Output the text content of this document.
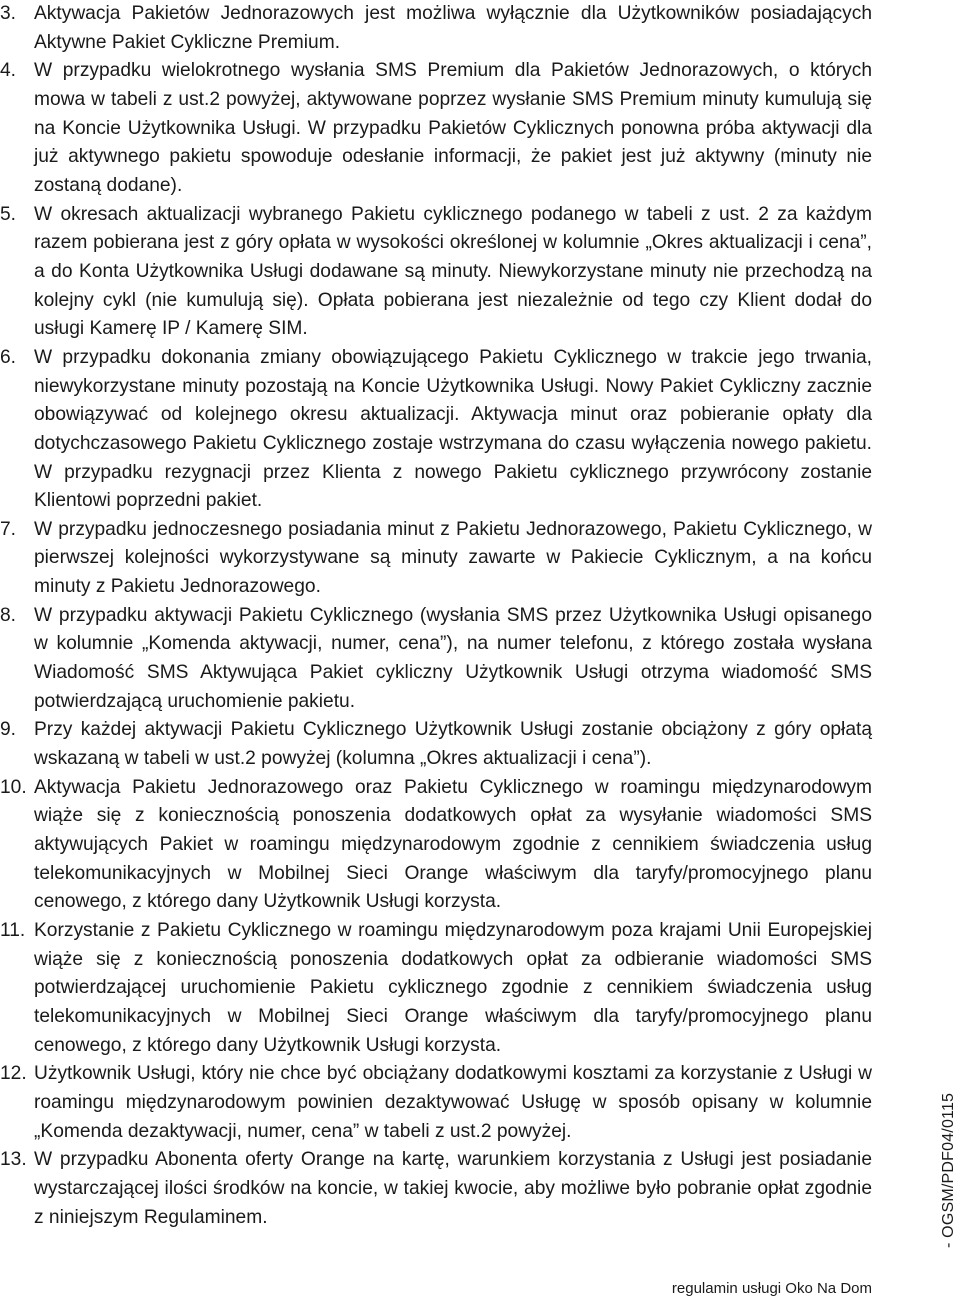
3. Aktywacja Pakietów Jednorazowych jest możliwa wyłącznie dla Użytkowników posiadających Aktywne Pakiet Cykliczne Premium.
4. W przypadku wielokrotnego wysłania SMS Premium dla Pakietów Jednorazowych, o których mowa w tabeli z ust.2 powyżej, aktywowane poprzez wysłanie SMS Premium minuty kumulują się na Koncie Użytkownika Usługi. W przypadku Pakietów Cyklicznych ponowna próba aktywacji dla już aktywnego pakietu spowoduje odesłanie informacji, że pakiet jest już aktywny (minuty nie zostaną dodane).
5. W okresach aktualizacji wybranego Pakietu cyklicznego podanego w tabeli z ust. 2 za każdym razem pobierana jest z góry opłata w wysokości określonej w kolumnie „Okres aktualizacji i cena”, a do Konta Użytkownika Usługi dodawane są minuty. Niewykorzystane minuty nie przechodzą na kolejny cykl (nie kumulują się). Opłata pobierana jest niezależnie od tego czy Klient dodał do usługi Kamerę IP / Kamerę SIM.
6. W przypadku dokonania zmiany obowiązującego Pakietu Cyklicznego w trakcie jego trwania, niewykorzystane minuty pozostają na Koncie Użytkownika Usługi. Nowy Pakiet Cykliczny zacznie obowiązywać od kolejnego okresu aktualizacji. Aktywacja minut oraz pobieranie opłaty dla dotychczasowego Pakietu Cyklicznego zostaje wstrzymana do czasu wyłączenia nowego pakietu. W przypadku rezygnacji przez Klienta z nowego Pakietu cyklicznego przywrócony zostanie Klientowi poprzedni pakiet.
7. W przypadku jednoczesnego posiadania minut z Pakietu Jednorazowego, Pakietu Cyklicznego, w pierwszej kolejności wykorzystywane są minuty zawarte w Pakiecie Cyklicznym, a na końcu minuty z Pakietu Jednorazowego.
8. W przypadku aktywacji Pakietu Cyklicznego (wysłania SMS przez Użytkownika Usługi opisanego w kolumnie „Komenda aktywacji, numer, cena”), na numer telefonu, z którego została wysłana Wiadomość SMS Aktywująca Pakiet cykliczny Użytkownik Usługi otrzyma wiadomość SMS potwierdzającą uruchomienie pakietu.
9. Przy każdej aktywacji Pakietu Cyklicznego Użytkownik Usługi zostanie obciążony z góry opłatą wskazaną w tabeli w ust.2 powyżej (kolumna „Okres aktualizacji i cena”).
10. Aktywacja Pakietu Jednorazowego oraz Pakietu Cyklicznego w roamingu międzynarodowym wiąże się z koniecznością ponoszenia dodatkowych opłat za wysyłanie wiadomości SMS aktywujących Pakiet w roamingu międzynarodowym zgodnie z cennikiem świadczenia usług telekomunikacyjnych w Mobilnej Sieci Orange właściwym dla taryfy/promocyjnego planu cenowego, z którego dany Użytkownik Usługi korzysta.
11. Korzystanie z Pakietu Cyklicznego w roamingu międzynarodowym poza krajami Unii Europejskiej wiąże się z koniecznością ponoszenia dodatkowych opłat za odbieranie wiadomości SMS potwierdzającej uruchomienie Pakietu cyklicznego zgodnie z cennikiem świadczenia usług telekomunikacyjnych w Mobilnej Sieci Orange właściwym dla taryfy/promocyjnego planu cenowego, z którego dany Użytkownik Usługi korzysta.
12. Użytkownik Usługi, który nie chce być obciążany dodatkowymi kosztami za korzystanie z Usługi w roamingu międzynarodowym powinien dezaktywować Usługę w sposób opisany w kolumnie „Komenda dezaktywacji, numer, cena” w tabeli z ust.2 powyżej.
13. W przypadku Abonenta oferty Orange na kartę, warunkiem korzystania z Usługi jest posiadanie wystarczającej ilości środków na koncie, w takiej kwocie, aby możliwe było pobranie opłat zgodnie z niniejszym Regulaminem.	- OGSM/PDF04/0115
regulamin usługi Oko Na Dom
